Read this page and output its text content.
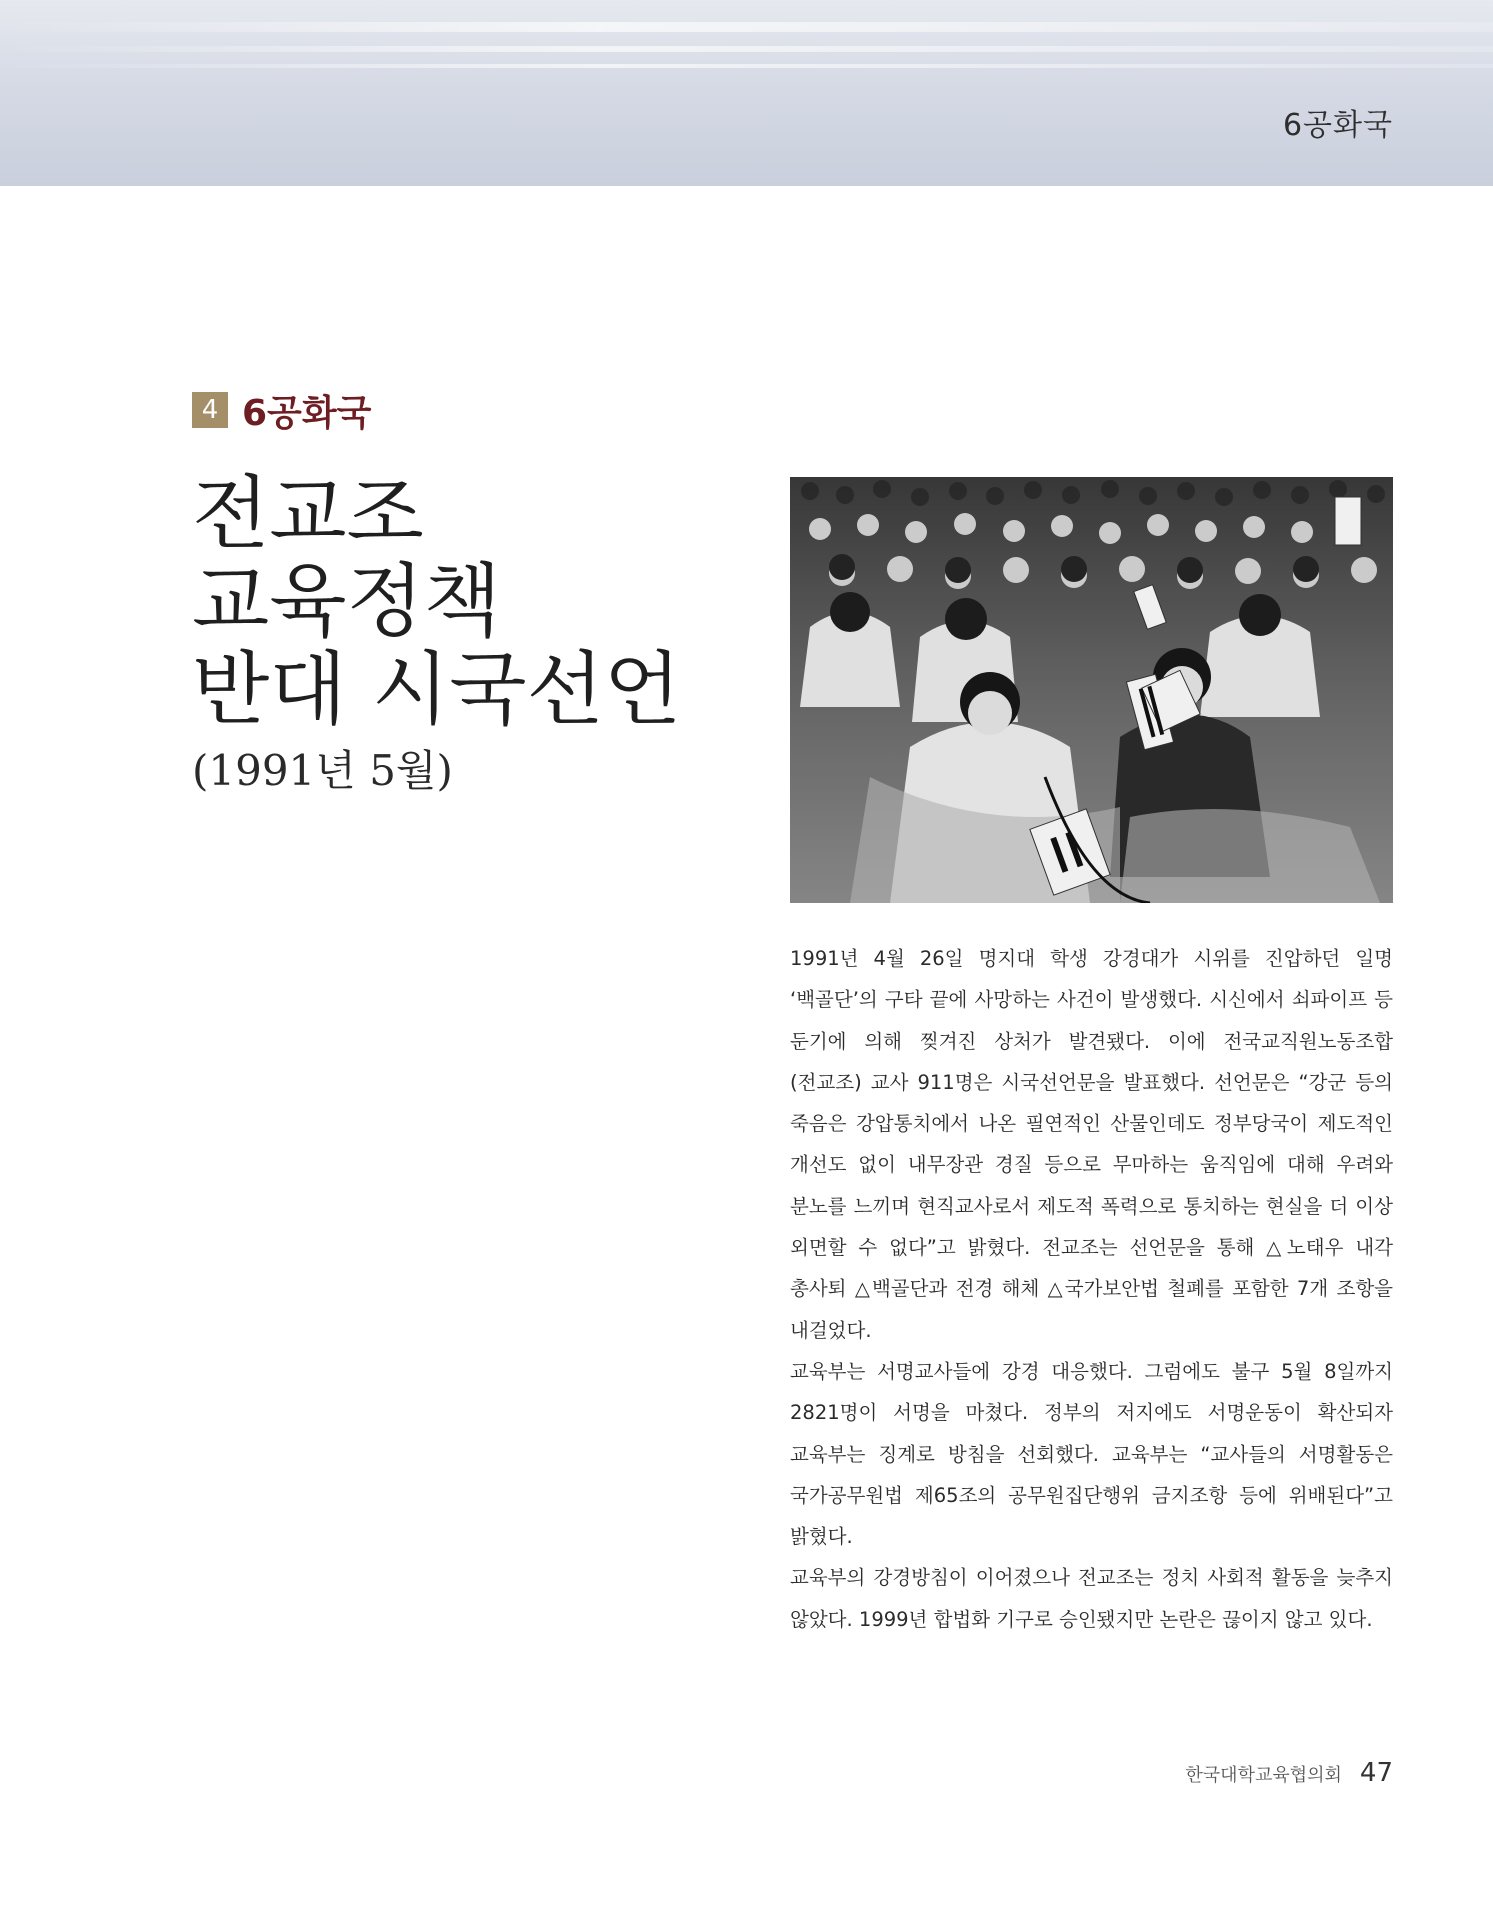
6공화국
4 6공화국
전교조
교육정책
반대 시국선언
(1991년 5월)

1991년 4월 26일 명지대 학생 강경대가 시위를 진압하던 일명 ‘백골단’의 구타 끝에 사망하는 사건이 발생했다. 시신에서 쇠파이프 등 둔기에 의해 찢겨진 상처가 발견됐다. 이에 전국교직원노동조합(전교조) 교사 911명은 시국선언문을 발표했다. 선언문은 “강군 등의 죽음은 강압통치에서 나온 필연적인 산물인데도 정부당국이 제도적인 개선도 없이 내무장관 경질 등으로 무마하는 움직임에 대해 우려와 분노를 느끼며 현직교사로서 제도적 폭력으로 통치하는 현실을 더 이상 외면할 수 없다”고 밝혔다. 전교조는 선언문을 통해 △노태우 내각 총사퇴 △백골단과 전경 해체 △국가보안법 철폐를 포함한 7개 조항을 내걸었다.

교육부는 서명교사들에 강경 대응했다. 그럼에도 불구 5월 8일까지 2821명이 서명을 마쳤다. 정부의 저지에도 서명운동이 확산되자 교육부는 징계로 방침을 선회했다. 교육부는 “교사들의 서명활동은 국가공무원법 제65조의 공무원집단행위 금지조항 등에 위배된다”고 밝혔다.

교육부의 강경방침이 이어졌으나 전교조는 정치 사회적 활동을 늦추지 않았다. 1999년 합법화 기구로 승인됐지만 논란은 끊이지 않고 있다.

한국대학교육협의회 47
